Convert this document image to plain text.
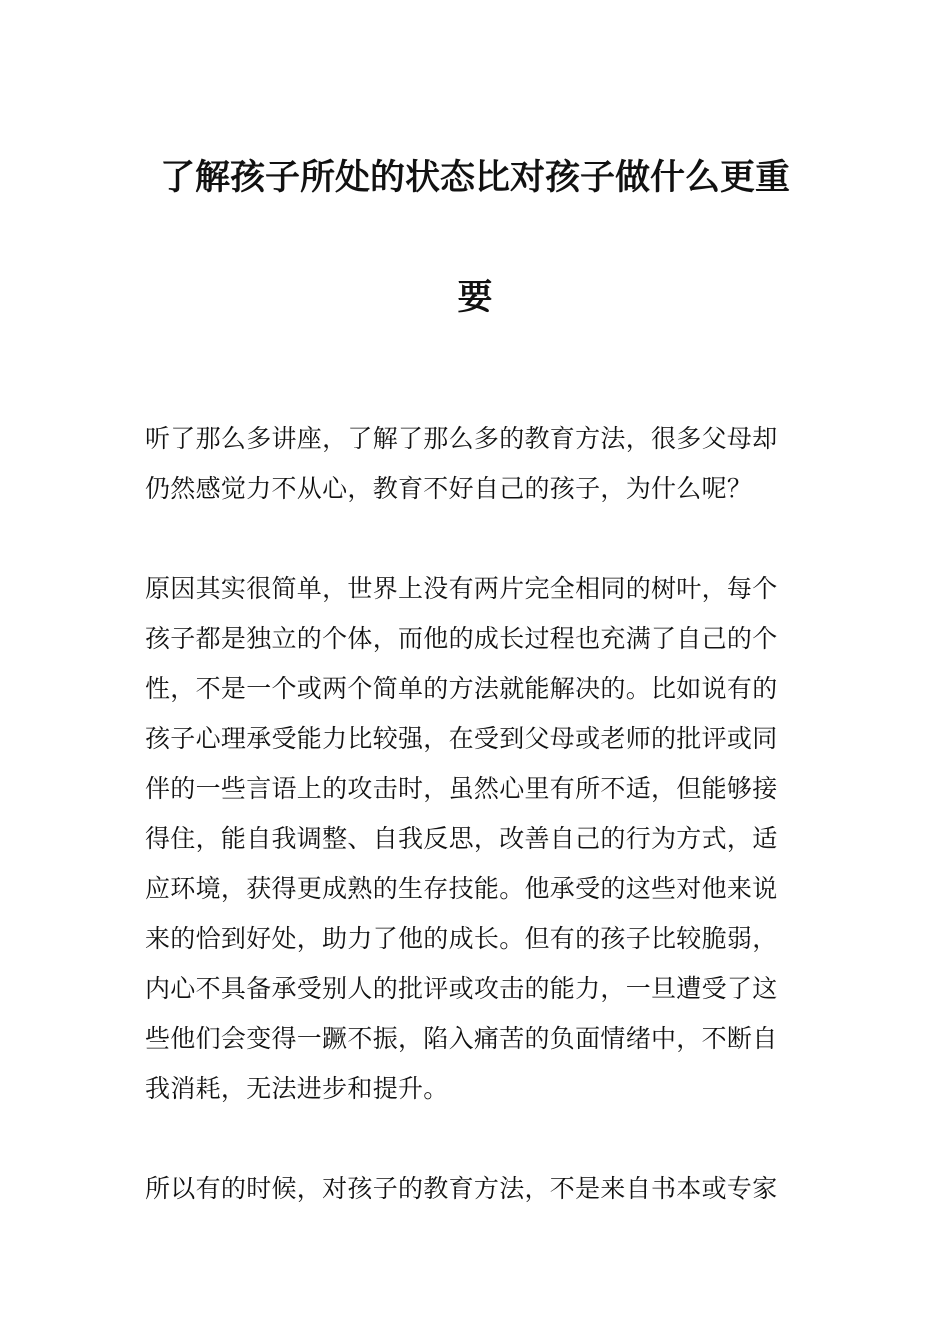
了解孩子所处的状态比对孩子做什么更重
要
听了那么多讲座，了解了那么多的教育方法，很多父母却
仍然感觉力不从心，教育不好自己的孩子，为什么呢？
原因其实很简单，世界上没有两片完全相同的树叶，每个
孩子都是独立的个体，而他的成长过程也充满了自己的个
性，不是一个或两个简单的方法就能解决的。比如说有的
孩子心理承受能力比较强，在受到父母或老师的批评或同
伴的一些言语上的攻击时，虽然心里有所不适，但能够接
得住，能自我调整、自我反思，改善自己的行为方式，适
应环境，获得更成熟的生存技能。他承受的这些对他来说
来的恰到好处，助力了他的成长。但有的孩子比较脆弱，
内心不具备承受别人的批评或攻击的能力，一旦遭受了这
些他们会变得一蹶不振，陷入痛苦的负面情绪中，不断自
我消耗，无法进步和提升。
所以有的时候，对孩子的教育方法，不是来自书本或专家
